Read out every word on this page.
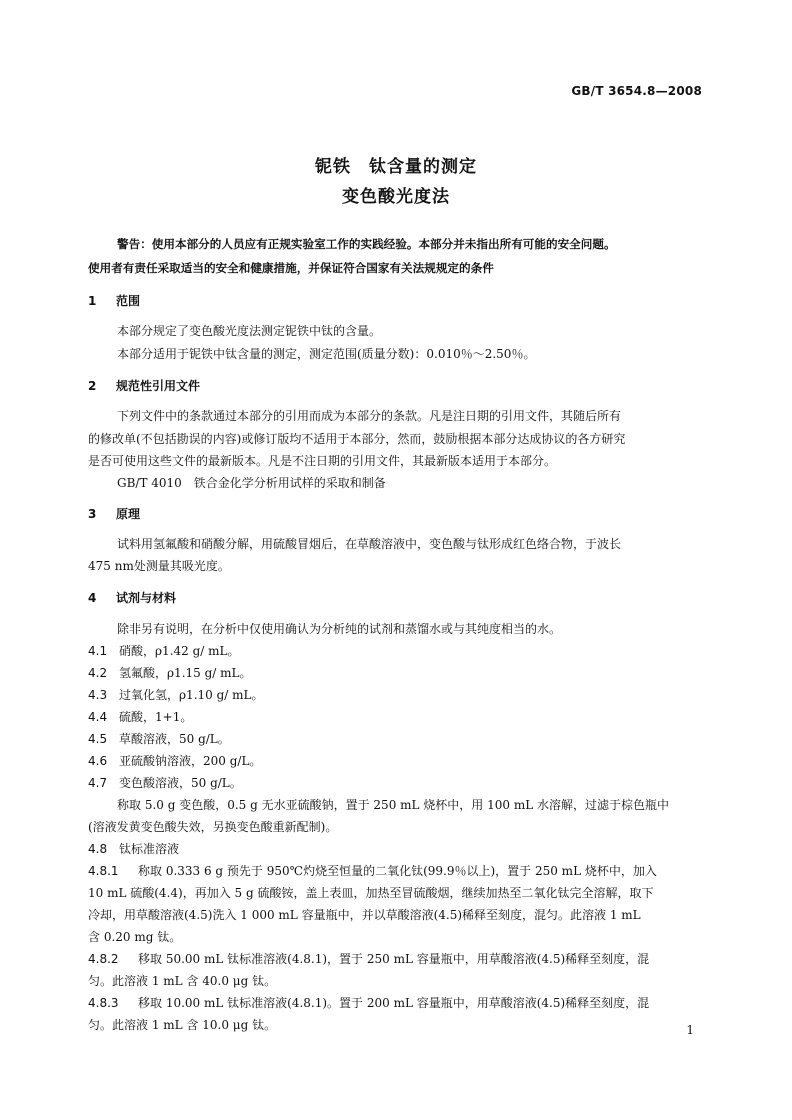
GB/T 3654.8—2008
铌铁　钛含量的测定
变色酸光度法
警告：使用本部分的人员应有正规实验室工作的实践经验。本部分并未指出所有可能的安全问题。
使用者有责任采取适当的安全和健康措施，并保证符合国家有关法规规定的条件
1 范围
本部分规定了变色酸光度法测定铌铁中钛的含量。
本部分适用于铌铁中钛含量的测定，测定范围(质量分数)：0.010％～2.50％。
2 规范性引用文件
下列文件中的条款通过本部分的引用而成为本部分的条款。凡是注日期的引用文件，其随后所有
的修改单(不包括勘误的内容)或修订版均不适用于本部分，然而，鼓励根据本部分达成协议的各方研究
是否可使用这些文件的最新版本。凡是不注日期的引用文件，其最新版本适用于本部分。
GB/T 4010　铁合金化学分析用试样的采取和制备
3 原理
试料用氢氟酸和硝酸分解，用硫酸冒烟后，在草酸溶液中，变色酸与钛形成红色络合物，于波长
475 nm处测量其吸光度。
4 试剂与材料
除非另有说明，在分析中仅使用确认为分析纯的试剂和蒸馏水或与其纯度相当的水。
4.1 硝酸，ρ1.42 g/ mL。
4.2 氢氟酸，ρ1.15 g/ mL。
4.3 过氧化氢，ρ1.10 g/ mL。
4.4 硫酸，1+1。
4.5 草酸溶液，50 g/L。
4.6 亚硫酸钠溶液，200 g/L。
4.7 变色酸溶液，50 g/L。
称取 5.0 g 变色酸，0.5 g 无水亚硫酸钠，置于 250 mL 烧杯中，用 100 mL 水溶解，过滤于棕色瓶中
(溶液发黄变色酸失效，另换变色酸重新配制)。
4.8 钛标准溶液
4.8.1 称取 0.333 6 g 预先于 950℃灼烧至恒量的二氧化钛(99.9％以上)，置于 250 mL 烧杯中，加入
10 mL 硫酸(4.4)，再加入 5 g 硫酸铵，盖上表皿，加热至冒硫酸烟，继续加热至二氧化钛完全溶解，取下
冷却，用草酸溶液(4.5)洗入 1 000 mL 容量瓶中，并以草酸溶液(4.5)稀释至刻度，混匀。此溶液 1 mL
含 0.20 mg 钛。
4.8.2 移取 50.00 mL 钛标准溶液(4.8.1)，置于 250 mL 容量瓶中，用草酸溶液(4.5)稀释至刻度，混
匀。此溶液 1 mL 含 40.0 μg 钛。
4.8.3 移取 10.00 mL 钛标准溶液(4.8.1)。置于 200 mL 容量瓶中，用草酸溶液(4.5)稀释至刻度，混
匀。此溶液 1 mL 含 10.0 μg 钛。	1
